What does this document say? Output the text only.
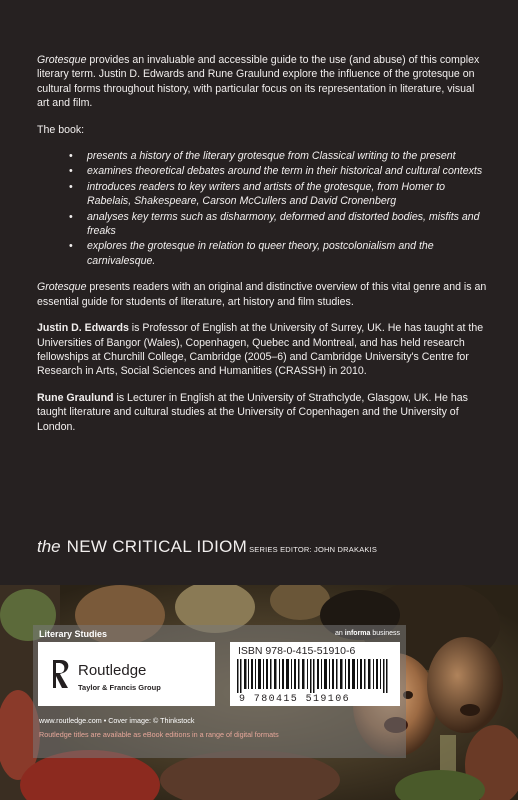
Grotesque provides an invaluable and accessible guide to the use (and abuse) of this complex literary term. Justin D. Edwards and Rune Graulund explore the influence of the grotesque on cultural forms throughout history, with particular focus on its representation in literature, visual art and film.

The book:

• presents a history of the literary grotesque from Classical writing to the present
• examines theoretical debates around the term in their historical and cultural contexts
• introduces readers to key writers and artists of the grotesque, from Homer to Rabelais, Shakespeare, Carson McCullers and David Cronenberg
• analyses key terms such as disharmony, deformed and distorted bodies, misfits and freaks
• explores the grotesque in relation to queer theory, postcolonialism and the carnivalesque.

Grotesque presents readers with an original and distinctive overview of this vital genre and is an essential guide for students of literature, art history and film studies.

Justin D. Edwards is Professor of English at the University of Surrey, UK. He has taught at the Universities of Bangor (Wales), Copenhagen, Quebec and Montreal, and has held research fellowships at Churchill College, Cambridge (2005–6) and Cambridge University's Centre for Research in Arts, Social Sciences and Humanities (CRASSH) in 2010.

Rune Graulund is Lecturer in English at the University of Strathclyde, Glasgow, UK. He has taught literature and cultural studies at the University of Copenhagen and the University of London.

the NEW CRITICAL IDIOM SERIES EDITOR: JOHN DRAKAKIS
Literary Studies	an informa business
Routledge
Taylor & Francis Group
ISBN 978-0-415-51910-6
9 780415 519106
www.routledge.com • Cover image: © Thinkstock
Routledge titles are available as eBook editions in a range of digital formats
